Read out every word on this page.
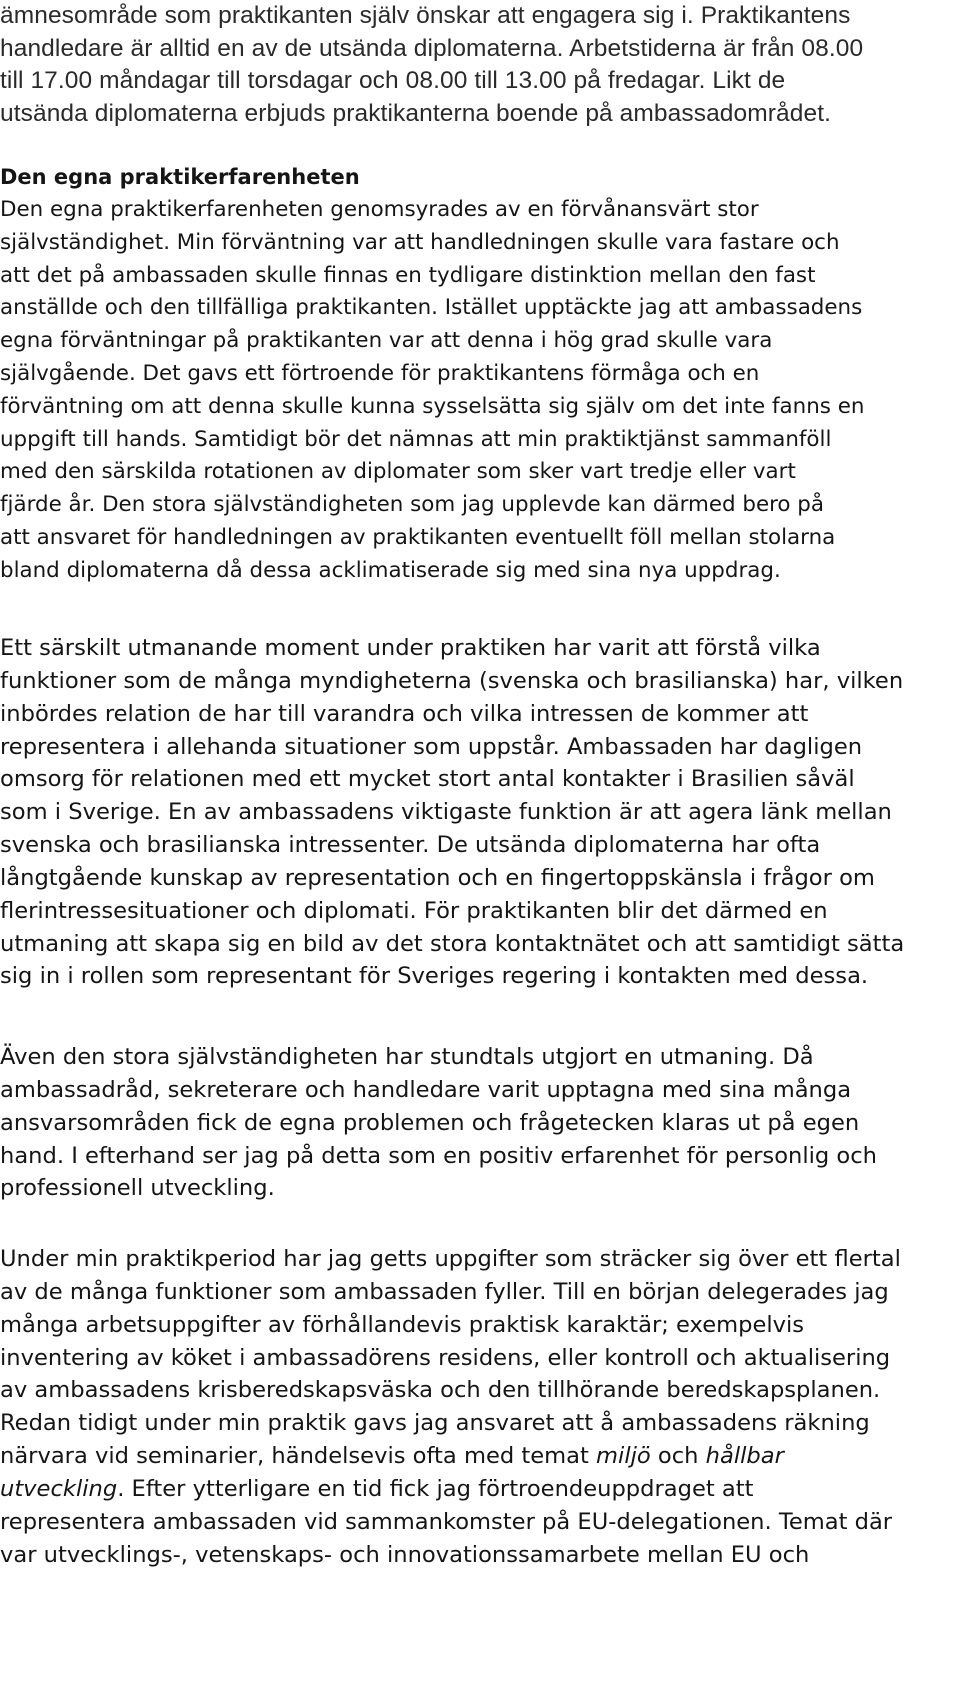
ämnesområde som praktikanten själv önskar att engagera sig i. Praktikantens
handledare är alltid en av de utsända diplomaterna. Arbetstiderna är från 08.00
till 17.00 måndagar till torsdagar och 08.00 till 13.00 på fredagar. Likt de
utsända diplomaterna erbjuds praktikanterna boende på ambassadområdet.
Den egna praktikerfarenheten
Den egna praktikerfarenheten genomsyrades av en förvånansvärt stor
självständighet. Min förväntning var att handledningen skulle vara fastare och
att det på ambassaden skulle finnas en tydligare distinktion mellan den fast
anställde och den tillfälliga praktikanten. Istället upptäckte jag att ambassadens
egna förväntningar på praktikanten var att denna i hög grad skulle vara
självgående. Det gavs ett förtroende för praktikantens förmåga och en
förväntning om att denna skulle kunna sysselsätta sig själv om det inte fanns en
uppgift till hands. Samtidigt bör det nämnas att min praktiktjänst sammanföll
med den särskilda rotationen av diplomater som sker vart tredje eller vart
fjärde år. Den stora självständigheten som jag upplevde kan därmed bero på
att ansvaret för handledningen av praktikanten eventuellt föll mellan stolarna
bland diplomaterna då dessa acklimatiserade sig med sina nya uppdrag.
Ett särskilt utmanande moment under praktiken har varit att förstå vilka
funktioner som de många myndigheterna (svenska och brasilianska) har, vilken
inbördes relation de har till varandra och vilka intressen de kommer att
representera i allehanda situationer som uppstår. Ambassaden har dagligen
omsorg för relationen med ett mycket stort antal kontakter i Brasilien såväl
som i Sverige. En av ambassadens viktigaste funktion är att agera länk mellan
svenska och brasilianska intressenter. De utsända diplomaterna har ofta
långtgående kunskap av representation och en fingertoppskänsla i frågor om
flerintressesituationer och diplomati. För praktikanten blir det därmed en
utmaning att skapa sig en bild av det stora kontaktnätet och att samtidigt sätta
sig in i rollen som representant för Sveriges regering i kontakten med dessa.
Även den stora självständigheten har stundtals utgjort en utmaning. Då
ambassadråd, sekreterare och handledare varit upptagna med sina många
ansvarsområden fick de egna problemen och frågetecken klaras ut på egen
hand. I efterhand ser jag på detta som en positiv erfarenhet för personlig och
professionell utveckling.
Under min praktikperiod har jag getts uppgifter som sträcker sig över ett flertal
av de många funktioner som ambassaden fyller. Till en början delegerades jag
många arbetsuppgifter av förhållandevis praktisk karaktär; exempelvis
inventering av köket i ambassadörens residens, eller kontroll och aktualisering
av ambassadens krisberedskapsväska och den tillhörande beredskapsplanen.
Redan tidigt under min praktik gavs jag ansvaret att å ambassadens räkning
närvara vid seminarier, händelsevis ofta med temat miljö och hållbar
utveckling. Efter ytterligare en tid fick jag förtroendeuppdraget att
representera ambassaden vid sammankomster på EU-delegationen. Temat där
var utvecklings-, vetenskaps- och innovationssamarbete mellan EU och
